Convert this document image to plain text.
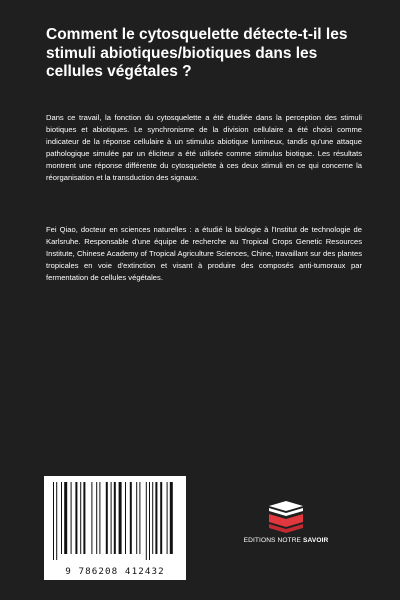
Comment le cytosquelette détecte-t-il les stimuli abiotiques/biotiques dans les cellules végétales ?

Dans ce travail, la fonction du cytosquelette a été étudiée dans la perception des stimuli biotiques et abiotiques. Le synchronisme de la division cellulaire a été choisi comme indicateur de la réponse cellulaire à un stimulus abiotique lumineux, tandis qu'une attaque pathologique simulée par un éliciteur a été utilisée comme stimulus biotique. Les résultats montrent une réponse différente du cytosquelette à ces deux stimuli en ce qui concerne la réorganisation et la transduction des signaux.

Fei Qiao, docteur en sciences naturelles : a étudié la biologie à l'Institut de technologie de Karlsruhe. Responsable d'une équipe de recherche au Tropical Crops Genetic Resources Institute, Chinese Academy of Tropical Agriculture Sciences, Chine, travaillant sur des plantes tropicales en voie d'extinction et visant à produire des composés anti-tumoraux par fermentation de cellules végétales.

9 786208 412432
EDITIONS NOTRE SAVOIR
